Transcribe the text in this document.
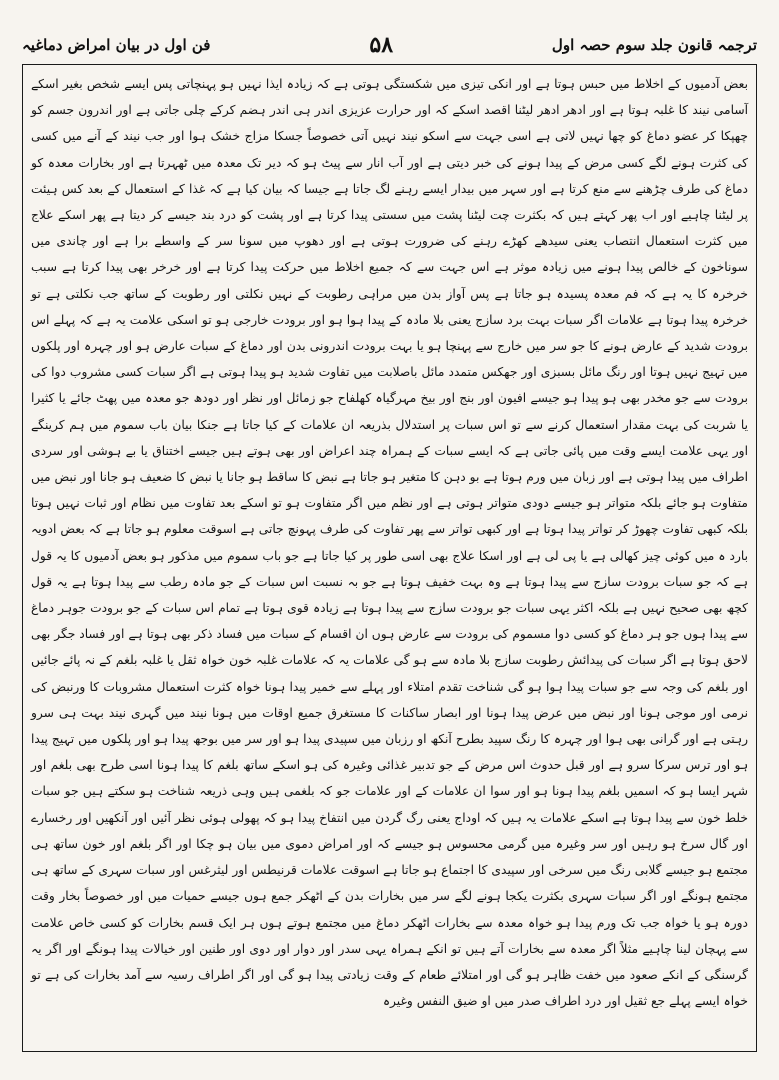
ترجمہ قانون جلد سوم حصہ اول
۵۸
فن اول در بیان امراض دماغیہ

بعض آدمیوں کے اخلاط میں حبس ہوتا ہے اور انکی تیزی میں شکستگی ہوتی ہے کہ زیادہ ایذا نہیں ہو پہنچاتی پس ایسے شخص بغیر اسکے آسامی نیند کا غلبہ ہوتا ہے اور ادھر ادھر لیٹنا اقصد اسکے کہ اور حرارت عزیزی اندر ہی اندر ہضم کرکے چلی جاتی ہے اور اندرون جسم کو چھپکا کر عضو دماغ کو چھا نہیں لاتی ہے اسی جہت سے اسکو نیند نہیں آتی خصوصاً جسکا مزاج خشک ہوا اور جب نیند کے آنے میں کسی کی کثرت ہونے لگے کسی مرض کے پیدا ہونے کی خبر دیتی ہے اور آب انار سے پیٹ ہو کہ دیر تک معدہ میں ٹھہرتا ہے اور بخارات معدہ کو دماغ کی طرف چڑھنے سے منع کرتا ہے اور سہر میں بیدار ایسے رہنے لگ جاتا ہے جیسا کہ بیان کیا ہے کہ غذا کے استعمال کے بعد کس ہیئت پر لیٹنا چاہیے اور اب پھر کہتے ہیں کہ بکثرت چت لیٹنا پشت میں سستی پیدا کرتا ہے اور پشت کو درد بند جیسے کر دیتا ہے پھر اسکے علاج میں کثرت استعمال انتصاب یعنی سیدھے کھڑے رہنے کی ضرورت ہوتی ہے اور دھوپ میں سونا سر کے واسطے برا ہے اور چاندی میں سوناخون کے خالص پیدا ہونے میں زیادہ موثر ہے اس جہت سے کہ جمیع اخلاط میں حرکت پیدا کرتا ہے اور خرخر بھی پیدا کرتا ہے سبب خرخرہ کا یہ ہے کہ فم معدہ پسیدہ ہو جاتا ہے پس آواز بدن میں مراہی رطوبت کے نہیں نکلتی اور رطوبت کے ساتھ جب نکلتی ہے تو خرخرہ پیدا ہوتا ہے علامات اگر سبات بہت برد سازج یعنی بلا مادہ کے پیدا ہوا ہو اور برودت خارجی ہو تو اسکی علامت یہ ہے کہ پہلے اس برودت شدید کے عارض ہونے کا جو سر میں خارج سے پہنچا ہو یا بہت برودت اندرونی بدن اور دماغ کے سبات عارض ہو اور چہرہ اور پلکوں میں تہیج نہیں ہوتا اور رنگ مائل بسبزی اور جھکس متمدد مائل باصلابت میں تفاوت شدید ہو پیدا ہوتی ہے اگر سبات کسی مشروب دوا کی برودت سے جو مخدر بھی ہو پیدا ہو جیسے افیون اور بنج اور بیخ مہرگیاہ کھلفاح جو زمائل اور نظر اور دودھ جو معدہ میں پھٹ جائے یا کثیرا یا شربت کی بہت مقدار استعمال کرنے سے تو اس سبات پر استدلال بذریعہ ان علامات کے کیا جاتا ہے جنکا بیان باب سموم میں ہم کرینگے اور یہی علامت ایسے وقت میں پائی جاتی ہے کہ ایسے سبات کے ہمراہ چند اعراض اور بھی ہوتے ہیں جیسے اختناق یا بے ہوشی اور سردی اطراف میں پیدا ہوتی ہے اور زبان میں ورم ہوتا ہے بو دہن کا متغیر ہو جاتا ہے نبض کا ساقط ہو جانا یا نبض کا ضعیف ہو جانا اور نبض میں متفاوت ہو جائے بلکہ متواتر ہو جیسے دودی متواتر ہوتی ہے اور نظم میں اگر متفاوت ہو تو اسکے بعد تفاوت میں نظام اور ثبات نہیں ہوتا بلکہ کبھی تفاوت چھوڑ کر تواتر پیدا ہوتا ہے اور کبھی تواتر سے پھر تفاوت کی طرف پہونچ جاتی ہے اسوقت معلوم ہو جاتا ہے کہ بعض ادویہ بارد ہ میں کوئی چیز کھالی ہے یا پی لی ہے اور اسکا علاج بھی اسی طور پر کیا جاتا ہے جو باب سموم میں مذکور ہو بعض آدمیوں کا یہ قول ہے کہ جو سبات برودت سازج سے پیدا ہوتا ہے وہ بہت خفیف ہوتا ہے جو بہ نسبت اس سبات کے جو مادہ رطب سے پیدا ہوتا ہے یہ قول کچھ بھی صحیح نہیں ہے بلکہ اکثر یہی سبات جو برودت سازج سے پیدا ہوتا ہے زیادہ قوی ہوتا ہے تمام اس سبات کے جو برودت جوہر دماغ سے پیدا ہوں جو ہر دماغ کو کسی دوا مسموم کی برودت سے عارض ہوں ان اقسام کے سبات میں فساد ذکر بھی ہوتا ہے اور فساد جگر بھی لاحق ہوتا ہے اگر سبات کی پیدائش رطوبت سازج بلا مادہ سے ہو گی علامات یہ کہ علامات غلبہ خون خواہ ثقل یا غلبہ بلغم کے نہ پائے جائیں اور بلغم کی وجہ سے جو سبات پیدا ہوا ہو گی شناخت تقدم امتلاء اور پہلے سے خمیر پیدا ہونا خواہ کثرت استعمال مشروبات کا ورنبض کی نرمی اور موجی ہونا اور نبض میں عرض پیدا ہونا اور ابصار ساکنات کا مستغرق جمیع اوقات میں ہونا نیند میں گہری نیند بہت ہی سرو رہتی ہے اور گرانی بھی ہوا اور چہرہ کا رنگ سپید بطرح آنکھ او رزبان میں سپیدی پیدا ہو اور سر میں بوجھ پیدا ہو اور پلکوں میں تہیج پیدا ہو اور ترس سرکا سرو ہے اور قبل حدوث اس مرض کے جو تدبیر غذائی وغیرہ کی ہو اسکے ساتھ بلغم کا پیدا ہونا اسی طرح بھی بلغم اور شہر ایسا ہو کہ اسمیں بلغم پیدا ہونا ہو اور سوا ان علامات کے اور علامات جو کہ بلغمی ہیں وہی ذریعہ شناخت ہو سکتے ہیں جو سبات خلط خون سے پیدا ہوتا ہے اسکے علامات یہ ہیں کہ اوداج یعنی رگ گردن میں انتفاخ پیدا ہو کہ پھولی ہوئی نظر آئیں اور آنکھیں اور رخسارے اور گال سرخ ہو رہیں اور سر وغیرہ میں گرمی محسوس ہو جیسے کہ اور امراض دموی میں بیان ہو چکا اور اگر بلغم اور خون ساتھ ہی مجتمع ہو جیسے گلابی رنگ میں سرخی اور سپیدی کا اجتماع ہو جاتا ہے اسوقت علامات قرنیطس اور لیثرغس اور سبات سہری کے ساتھ ہی مجتمع ہونگے اور اگر سبات سہری بکثرت یکجا ہونے لگے سر میں بخارات بدن کے اٹھکر جمع ہوں جیسے حمیات میں اور خصوصاً بخار وقت دورہ ہو یا خواہ جب تک ورم پیدا ہو خواہ معدہ سے بخارات اٹھکر دماغ میں مجتمع ہوتے ہوں ہر ایک قسم بخارات کو کسی خاص علامت سے پہچان لینا چاہیے مثلاً اگر معدہ سے بخارات آتے ہیں تو انکے ہمراہ یہی سدر اور دوار اور دوی اور طنین اور خیالات پیدا ہونگے اور اگر یہ گرسنگی کے انکے صعود میں خفت ظاہر ہو گی اور امتلائے طعام کے وقت زیادتی پیدا ہو گی اور اگر اطراف رسیہ سے آمد بخارات کی ہے تو خواہ ایسے پہلے جع ثقیل اور درد اطراف صدر میں او ضیق النفس وغیرہ
